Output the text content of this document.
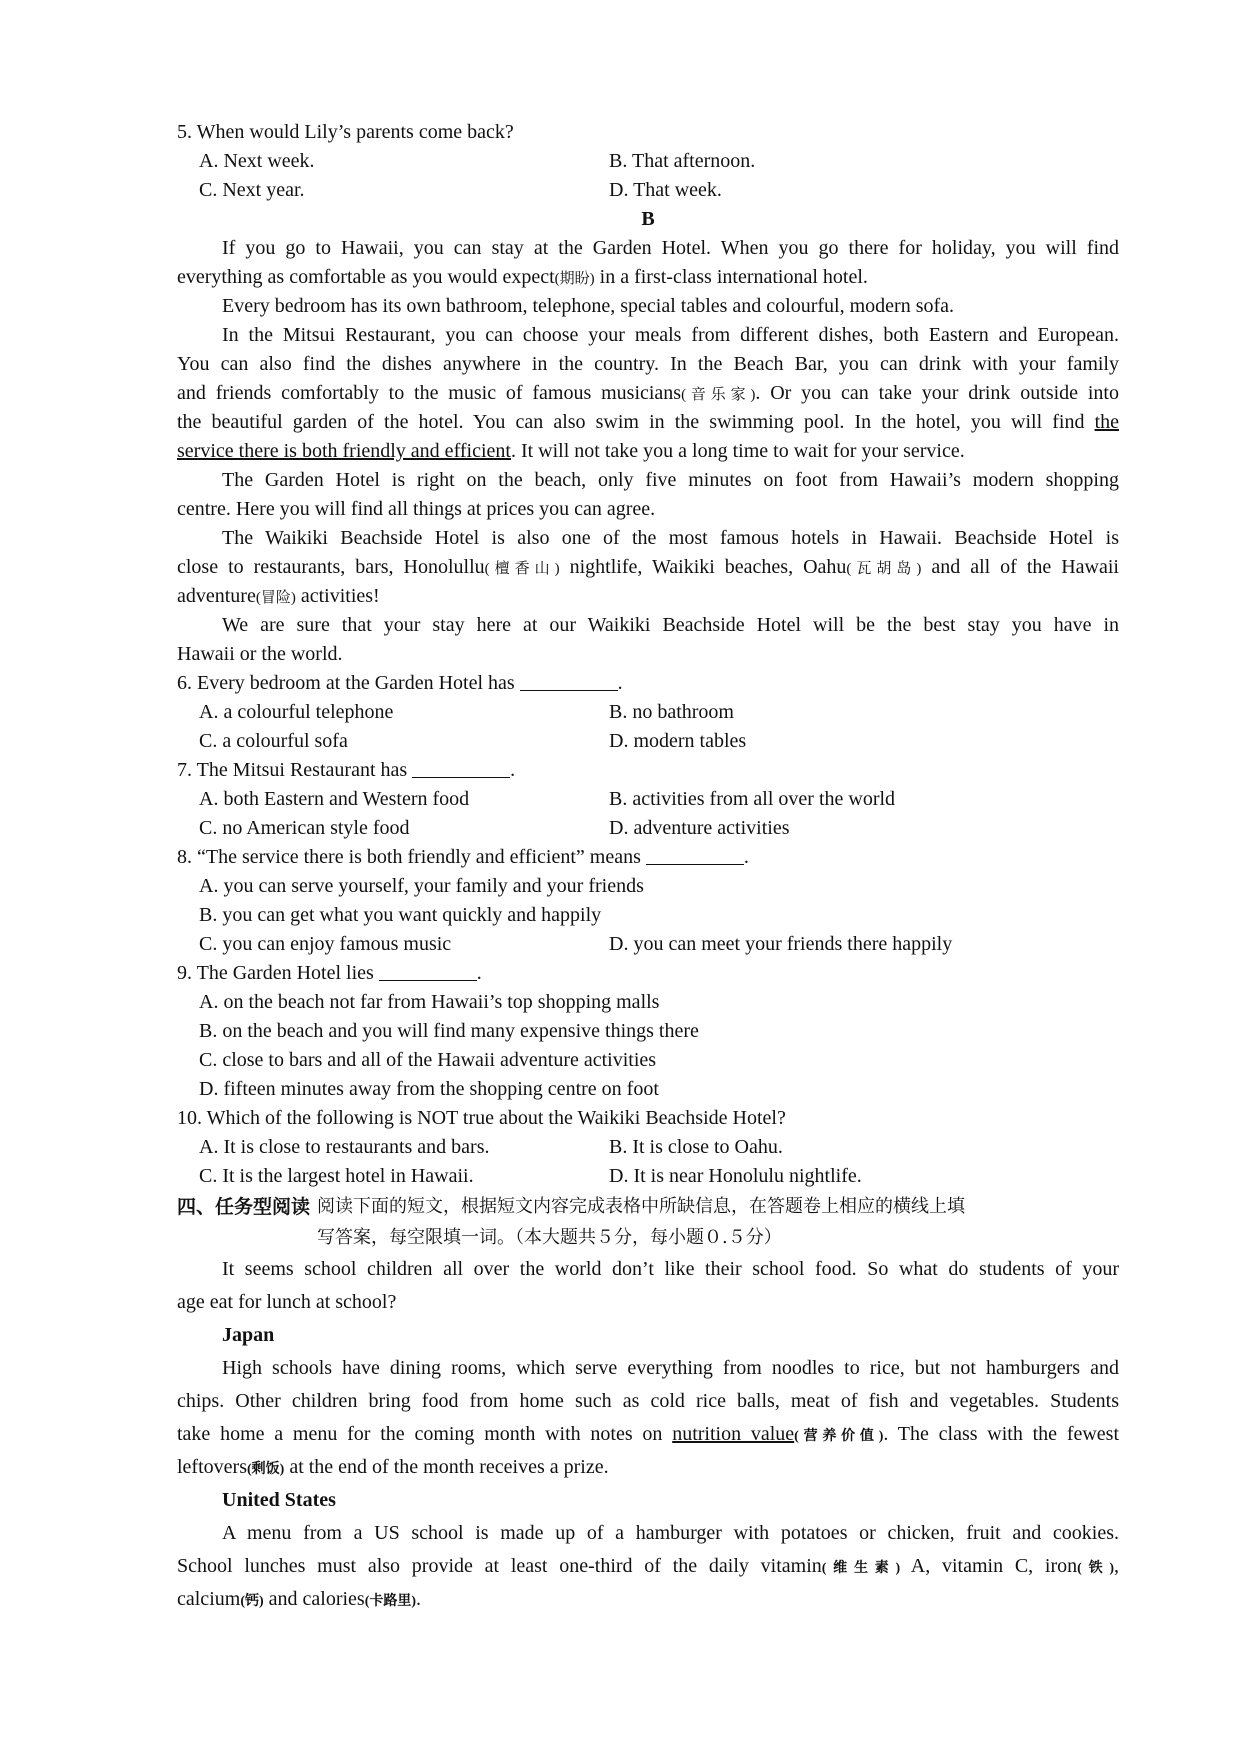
5. When would Lily’s parents come back?
A. Next week.	B. That afternoon.
C. Next year.	D. That week.
B
If you go to Hawaii, you can stay at the Garden Hotel. When you go there for holiday, you will find
everything as comfortable as you would expect(期盼) in a first-class international hotel.
Every bedroom has its own bathroom, telephone, special tables and colourful, modern sofa.
In the Mitsui Restaurant, you can choose your meals from different dishes, both Eastern and European.
You can also find the dishes anywhere in the country. In the Beach Bar, you can drink with your family
and friends comfortably to the music of famous musicians(音乐家). Or you can take your drink outside into
the beautiful garden of the hotel. You can also swim in the swimming pool. In the hotel, you will find the
service there is both friendly and efficient. It will not take you a long time to wait for your service.
The Garden Hotel is right on the beach, only five minutes on foot from Hawaii’s modern shopping
centre. Here you will find all things at prices you can agree.
The Waikiki Beachside Hotel is also one of the most famous hotels in Hawaii. Beachside Hotel is
close to restaurants, bars, Honolullu(檀香山) nightlife, Waikiki beaches, Oahu(瓦胡岛) and all of the Hawaii
adventure(冒险) activities!
We are sure that your stay here at our Waikiki Beachside Hotel will be the best stay you have in
Hawaii or the world.
6. Every bedroom at the Garden Hotel has	.
A. a colourful telephone	B. no bathroom
C. a colourful sofa	D. modern tables
7. The Mitsui Restaurant has	.
A. both Eastern and Western food	B. activities from all over the world
C. no American style food	D. adventure activities
8. “The service there is both friendly and efficient” means	.
A. you can serve yourself, your family and your friends
B. you can get what you want quickly and happily
C. you can enjoy famous music	D. you can meet your friends there happily
9. The Garden Hotel lies	.
A. on the beach not far from Hawaii’s top shopping malls
B. on the beach and you will find many expensive things there
C. close to bars and all of the Hawaii adventure activities
D. fifteen minutes away from the shopping centre on foot
10. Which of the following is NOT true about the Waikiki Beachside Hotel?
A. It is close to restaurants and bars.	B. It is close to Oahu.
C. It is the largest hotel in Hawaii.	D. It is near Honolulu nightlife.
四、任务型阅读 阅读下面的短文，根据短文内容完成表格中所缺信息，在答题卷上相应的横线上填
写答案，每空限填一词。（本大题共５分，每小题０.５分）
It seems school children all over the world don’t like their school food. So what do students of your
age eat for lunch at school?
Japan
High schools have dining rooms, which serve everything from noodles to rice, but not hamburgers and
chips. Other children bring food from home such as cold rice balls, meat of fish and vegetables. Students
take home a menu for the coming month with notes on nutrition value(营养价值). The class with the fewest
leftovers(剩饭) at the end of the month receives a prize.
United States
A menu from a US school is made up of a hamburger with potatoes or chicken, fruit and cookies.
School lunches must also provide at least one-third of the daily vitamin(维生素) A, vitamin C, iron(铁),
calcium(钙) and calories(卡路里).
